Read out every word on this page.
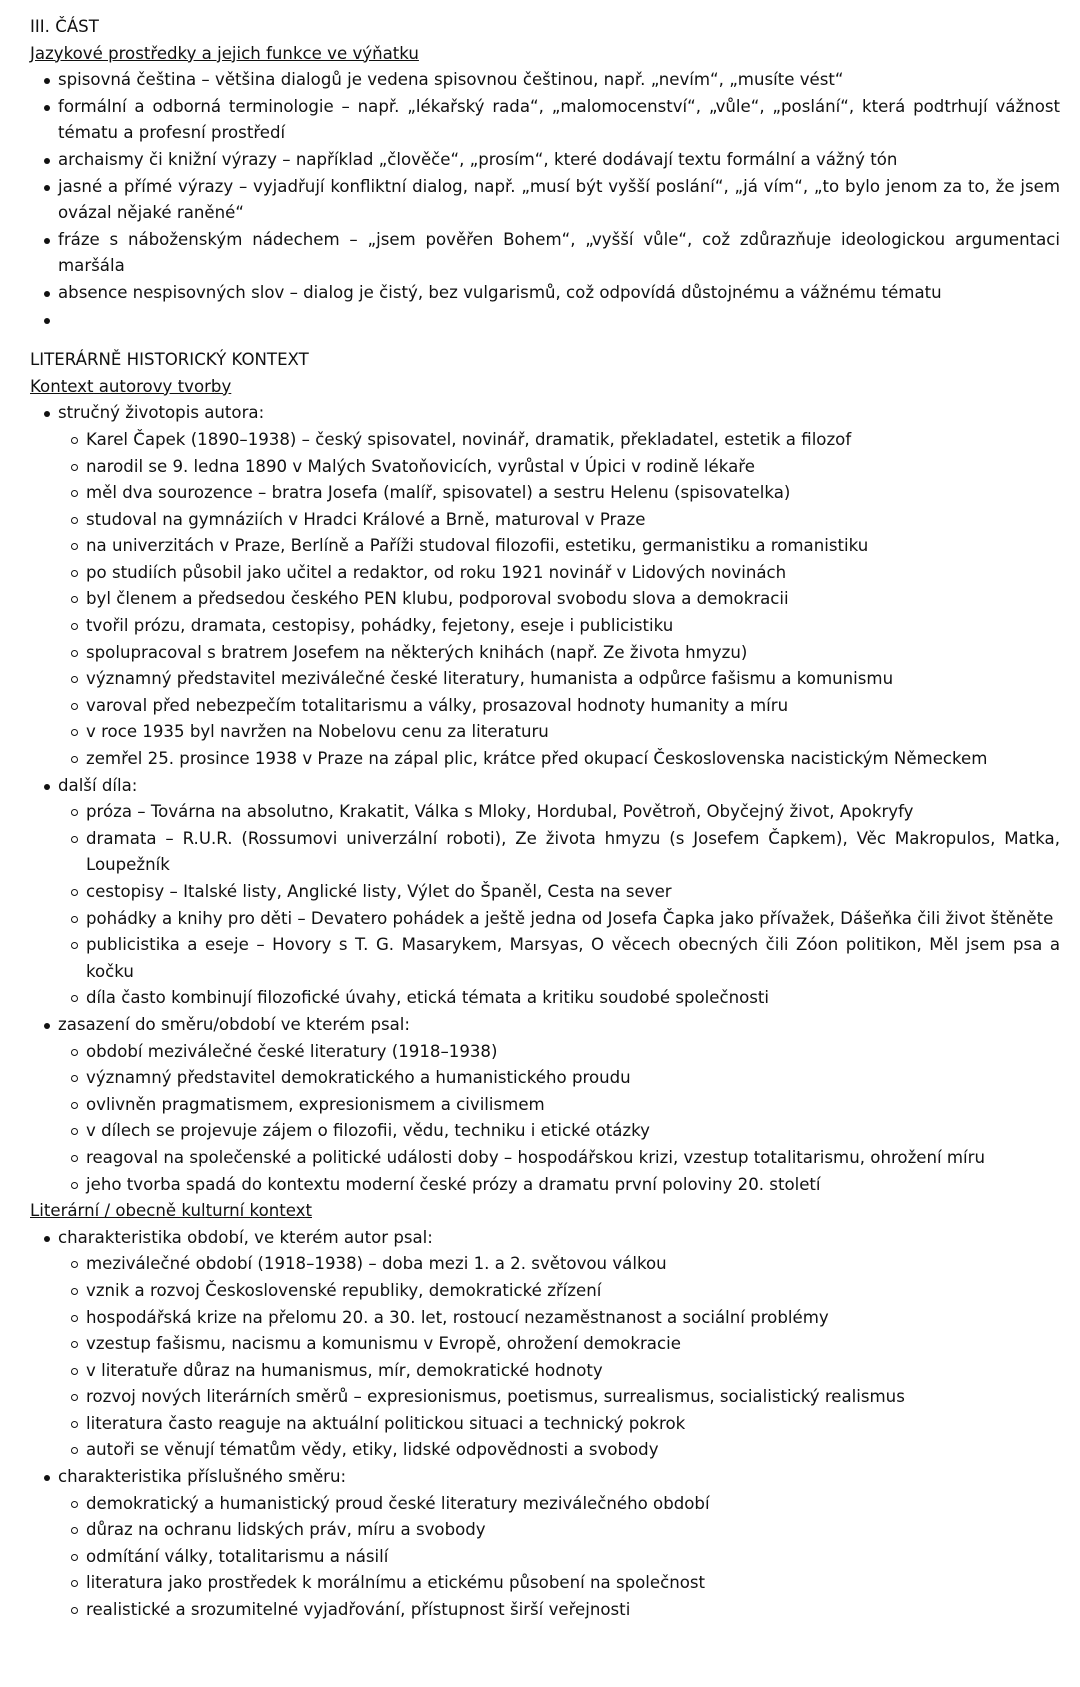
III. ČÁST

Jazykové prostředky a jejich funkce ve výňatku

spisovná čeština – většina dialogů je vedena spisovnou češtinou, např. „nevím“, „musíte vést“
formální a odborná terminologie – např. „lékařský rada“, „malomocenství“, „vůle“, „poslání“, která podtrhují vážnost tématu a profesní prostředí
archaismy či knižní výrazy – například „člověče“, „prosím“, které dodávají textu formální a vážný tón
jasné a přímé výrazy – vyjadřují konfliktní dialog, např. „musí být vyšší poslání“, „já vím“, „to bylo jenom za to, že jsem ovázal nějaké raněné“
fráze s náboženským nádechem – „jsem pověřen Bohem“, „vyšší vůle“, což zdůrazňuje ideologickou argumentaci maršála
absence nespisovných slov – dialog je čistý, bez vulgarismů, což odpovídá důstojnému a vážnému tématu

LITERÁRNĚ HISTORICKÝ KONTEXT

Kontext autorovy tvorby

stručný životopis autora:
Karel Čapek (1890–1938) – český spisovatel, novinář, dramatik, překladatel, estetik a filozof
narodil se 9. ledna 1890 v Malých Svatoňovicích, vyrůstal v Úpici v rodině lékaře
měl dva sourozence – bratra Josefa (malíř, spisovatel) a sestru Helenu (spisovatelka)
studoval na gymnáziích v Hradci Králové a Brně, maturoval v Praze
na univerzitách v Praze, Berlíně a Paříži studoval filozofii, estetiku, germanistiku a romanistiku
po studiích působil jako učitel a redaktor, od roku 1921 novinář v Lidových novinách
byl členem a předsedou českého PEN klubu, podporoval svobodu slova a demokracii
tvořil prózu, dramata, cestopisy, pohádky, fejetony, eseje i publicistiku
spolupracoval s bratrem Josefem na některých knihách (např. Ze života hmyzu)
významný představitel meziválečné české literatury, humanista a odpůrce fašismu a komunismu
varoval před nebezpečím totalitarismu a války, prosazoval hodnoty humanity a míru
v roce 1935 byl navržen na Nobelovu cenu za literaturu
zemřel 25. prosince 1938 v Praze na zápal plic, krátce před okupací Československa nacistickým Německem
další díla:
próza – Továrna na absolutno, Krakatit, Válka s Mloky, Hordubal, Povětroň, Obyčejný život, Apokryfy
dramata – R.U.R. (Rossumovi univerzální roboti), Ze života hmyzu (s Josefem Čapkem), Věc Makropulos, Matka, Loupežník
cestopisy – Italské listy, Anglické listy, Výlet do Španěl, Cesta na sever
pohádky a knihy pro děti – Devatero pohádek a ještě jedna od Josefa Čapka jako přívažek, Dášeňka čili život štěněte
publicistika a eseje – Hovory s T. G. Masarykem, Marsyas, O věcech obecných čili Zóon politikon, Měl jsem psa a kočku
díla často kombinují filozofické úvahy, etická témata a kritiku soudobé společnosti
zasazení do směru/období ve kterém psal:
období meziválečné české literatury (1918–1938)
významný představitel demokratického a humanistického proudu
ovlivněn pragmatismem, expresionismem a civilismem
v dílech se projevuje zájem o filozofii, vědu, techniku i etické otázky
reagoval na společenské a politické události doby – hospodářskou krizi, vzestup totalitarismu, ohrožení míru
jeho tvorba spadá do kontextu moderní české prózy a dramatu první poloviny 20. století

Literární / obecně kulturní kontext

charakteristika období, ve kterém autor psal:
meziválečné období (1918–1938) – doba mezi 1. a 2. světovou válkou
vznik a rozvoj Československé republiky, demokratické zřízení
hospodářská krize na přelomu 20. a 30. let, rostoucí nezaměstnanost a sociální problémy
vzestup fašismu, nacismu a komunismu v Evropě, ohrožení demokracie
v literatuře důraz na humanismus, mír, demokratické hodnoty
rozvoj nových literárních směrů – expresionismus, poetismus, surrealismus, socialistický realismus
literatura často reaguje na aktuální politickou situaci a technický pokrok
autoři se věnují tématům vědy, etiky, lidské odpovědnosti a svobody
charakteristika příslušného směru:
demokratický a humanistický proud české literatury meziválečného období
důraz na ochranu lidských práv, míru a svobody
odmítání války, totalitarismu a násilí
literatura jako prostředek k morálnímu a etickému působení na společnost
realistické a srozumitelné vyjadřování, přístupnost širší veřejnosti
